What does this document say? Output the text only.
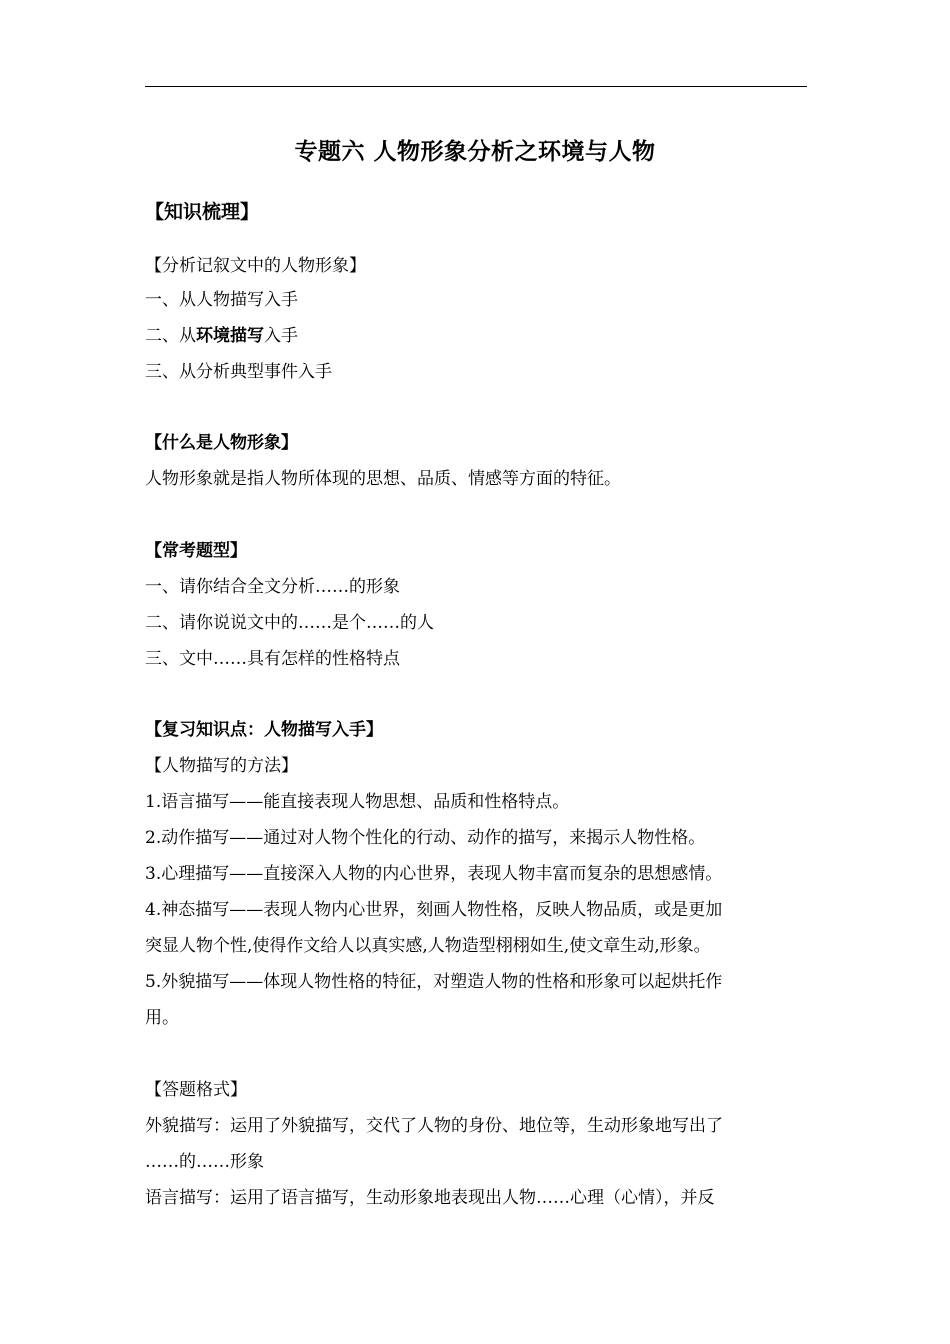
专题六 人物形象分析之环境与人物
【知识梳理】
【分析记叙文中的人物形象】
一、从人物描写入手
二、从环境描写入手
三、从分析典型事件入手
【什么是人物形象】
人物形象就是指人物所体现的思想、品质、情感等方面的特征。
【常考题型】
一、请你结合全文分析……的形象
二、请你说说文中的……是个……的人
三、文中……具有怎样的性格特点
【复习知识点：人物描写入手】
【人物描写的方法】
1.语言描写——能直接表现人物思想、品质和性格特点。
2.动作描写——通过对人物个性化的行动、动作的描写，来揭示人物性格。
3.心理描写——直接深入人物的内心世界，表现人物丰富而复杂的思想感情。
4.神态描写——表现人物内心世界，刻画人物性格，反映人物品质，或是更加
突显人物个性,使得作文给人以真实感,人物造型栩栩如生,使文章生动,形象。
5.外貌描写——体现人物性格的特征，对塑造人物的性格和形象可以起烘托作
用。
【答题格式】
外貌描写：运用了外貌描写，交代了人物的身份、地位等，生动形象地写出了
……的……形象
语言描写：运用了语言描写，生动形象地表现出人物……心理（心情），并反
